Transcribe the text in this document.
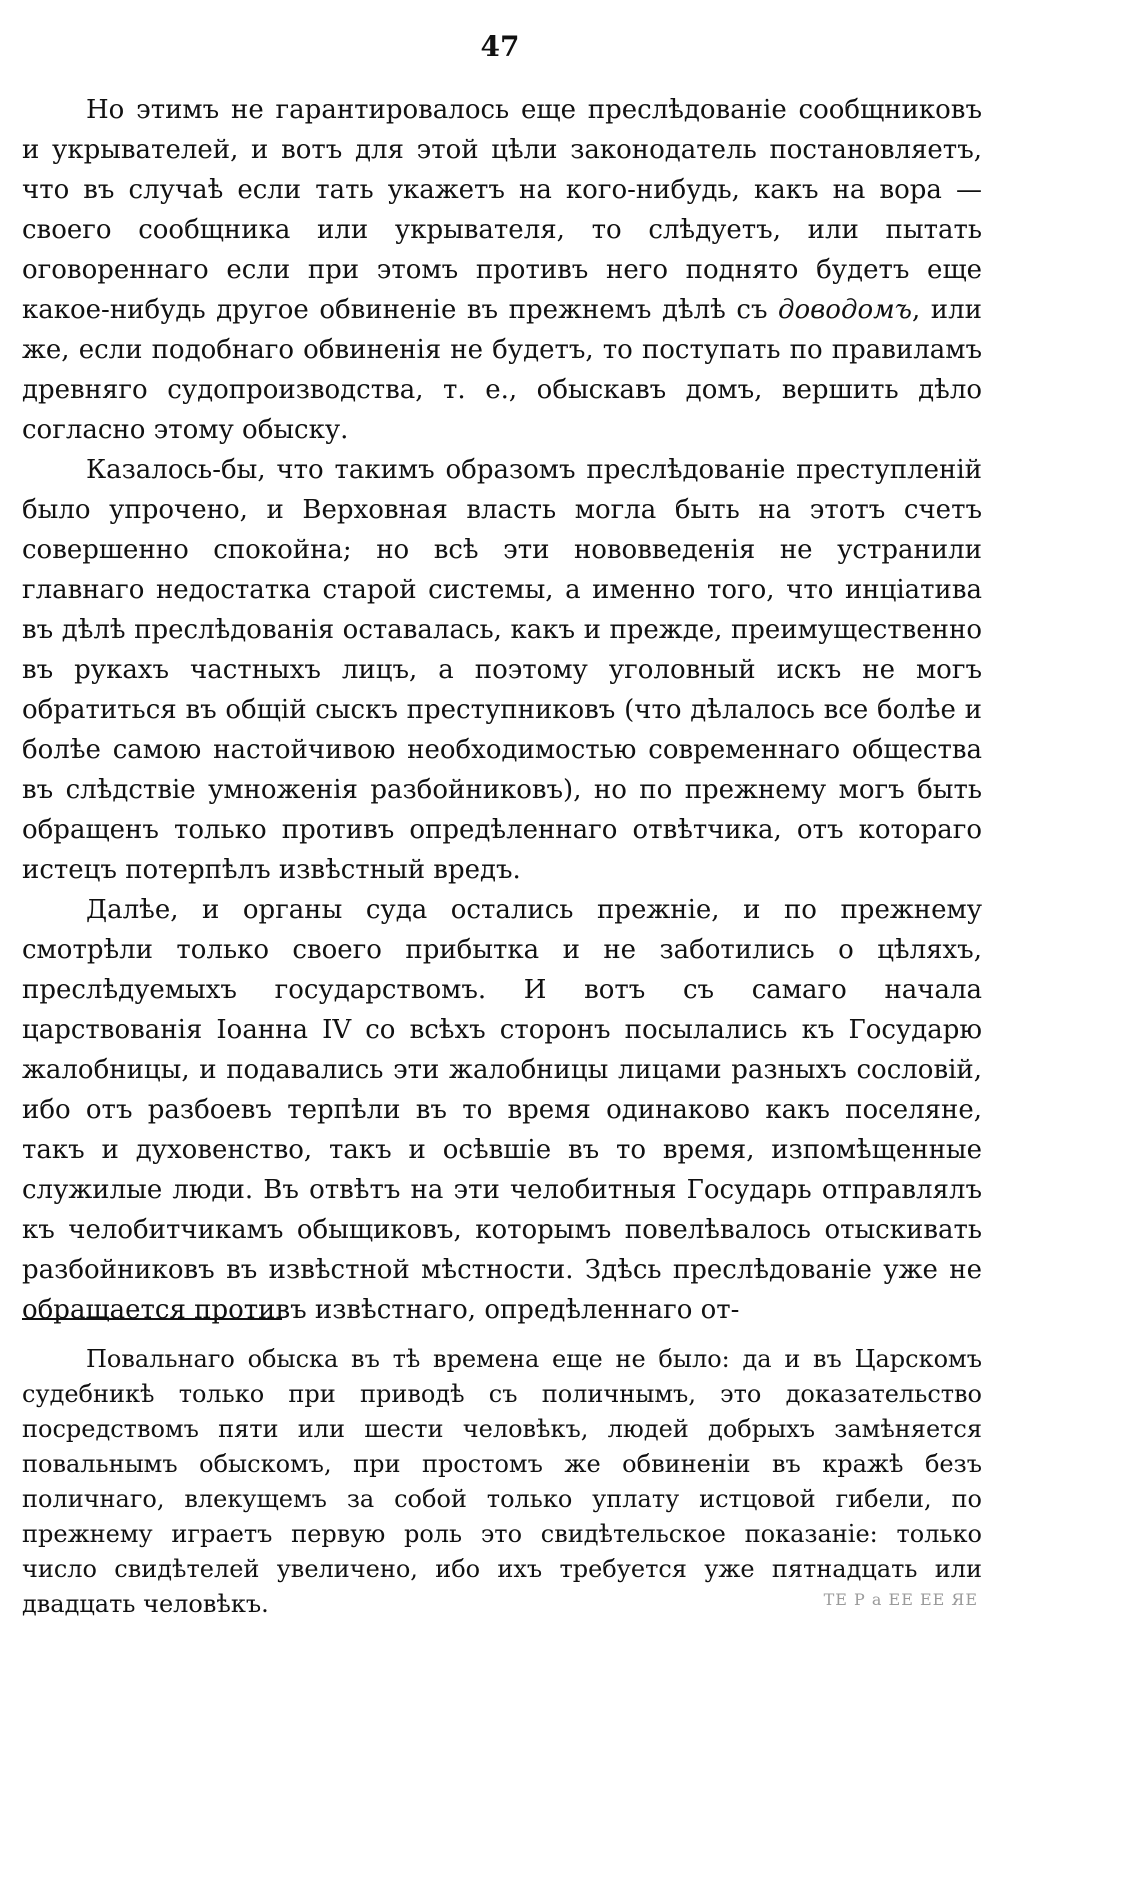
47

Но этимъ не гарантировалось еще преслѣдованіе сообщниковъ и укрывателей, и вотъ для этой цѣли законодатель постановляетъ, что въ случаѣ если тать укажетъ на кого-нибудь, какъ на вора — своего сообщника или укрывателя, то слѣдуетъ, или пытать оговореннаго если при этомъ противъ него поднято будетъ еще какое-нибудь другое обвиненіе въ прежнемъ дѣлѣ съ доводомъ, или же, если подобнаго обвиненія не будетъ, то поступать по правиламъ древняго судопроизводства, т. е., обыскавъ домъ, вершить дѣло согласно этому обыску.

Казалось-бы, что такимъ образомъ преслѣдованіе преступленій было упрочено, и Верховная власть могла быть на этотъ счетъ совершенно спокойна; но всѣ эти нововведенія не устранили главнаго недостатка старой системы, а именно того, что инціатива въ дѣлѣ преслѣдованія оставалась, какъ и прежде, преимущественно въ рукахъ частныхъ лицъ, а поэтому уголовный искъ не могъ обратиться въ общій сыскъ преступниковъ (что дѣлалось все болѣе и болѣе самою настойчивою необходимостью современнаго общества въ слѣдствіе умноженія разбойниковъ), но по прежнему могъ быть обращенъ только противъ опредѣленнаго отвѣтчика, отъ котораго истецъ потерпѣлъ извѣстный вредъ.

Далѣе, и органы суда остались прежніе, и по прежнему смотрѣли только своего прибытка и не заботились о цѣляхъ, преслѣдуемыхъ государствомъ. И вотъ съ самаго начала царствованія Іоанна IV со всѣхъ сторонъ посылались къ Государю жалобницы, и подавались эти жалобницы лицами разныхъ сословій, ибо отъ разбоевъ терпѣли въ то время одинаково какъ поселяне, такъ и духовенство, такъ и осѣвшіе въ то время, изпомѣщенные служилые люди. Въ отвѣтъ на эти челобитныя Государь отправлялъ къ челобитчикамъ обыщиковъ, которымъ повелѣвалось отыскивать разбойниковъ въ извѣстной мѣстности. Здѣсь преслѣдованіе уже не обращается противъ извѣстнаго, опредѣленнаго от-

Повальнаго обыска въ тѣ времена еще не было: да и въ Царскомъ судебникѣ только при приводѣ съ поличнымъ, это доказательство посредствомъ пяти или шести человѣкъ, людей добрыхъ замѣняется повальнымъ обыскомъ, при простомъ же обвиненіи въ кражѣ безъ поличнаго, влекущемъ за собой только уплату истцовой гибели, по прежнему играетъ первую роль это свидѣтельское показаніе: только число свидѣтелей увеличено, ибо ихъ требуется уже пятнадцать или двадцать человѣкъ.	ТЕ Р а ЕЕ ЕЕ ЯЕ
